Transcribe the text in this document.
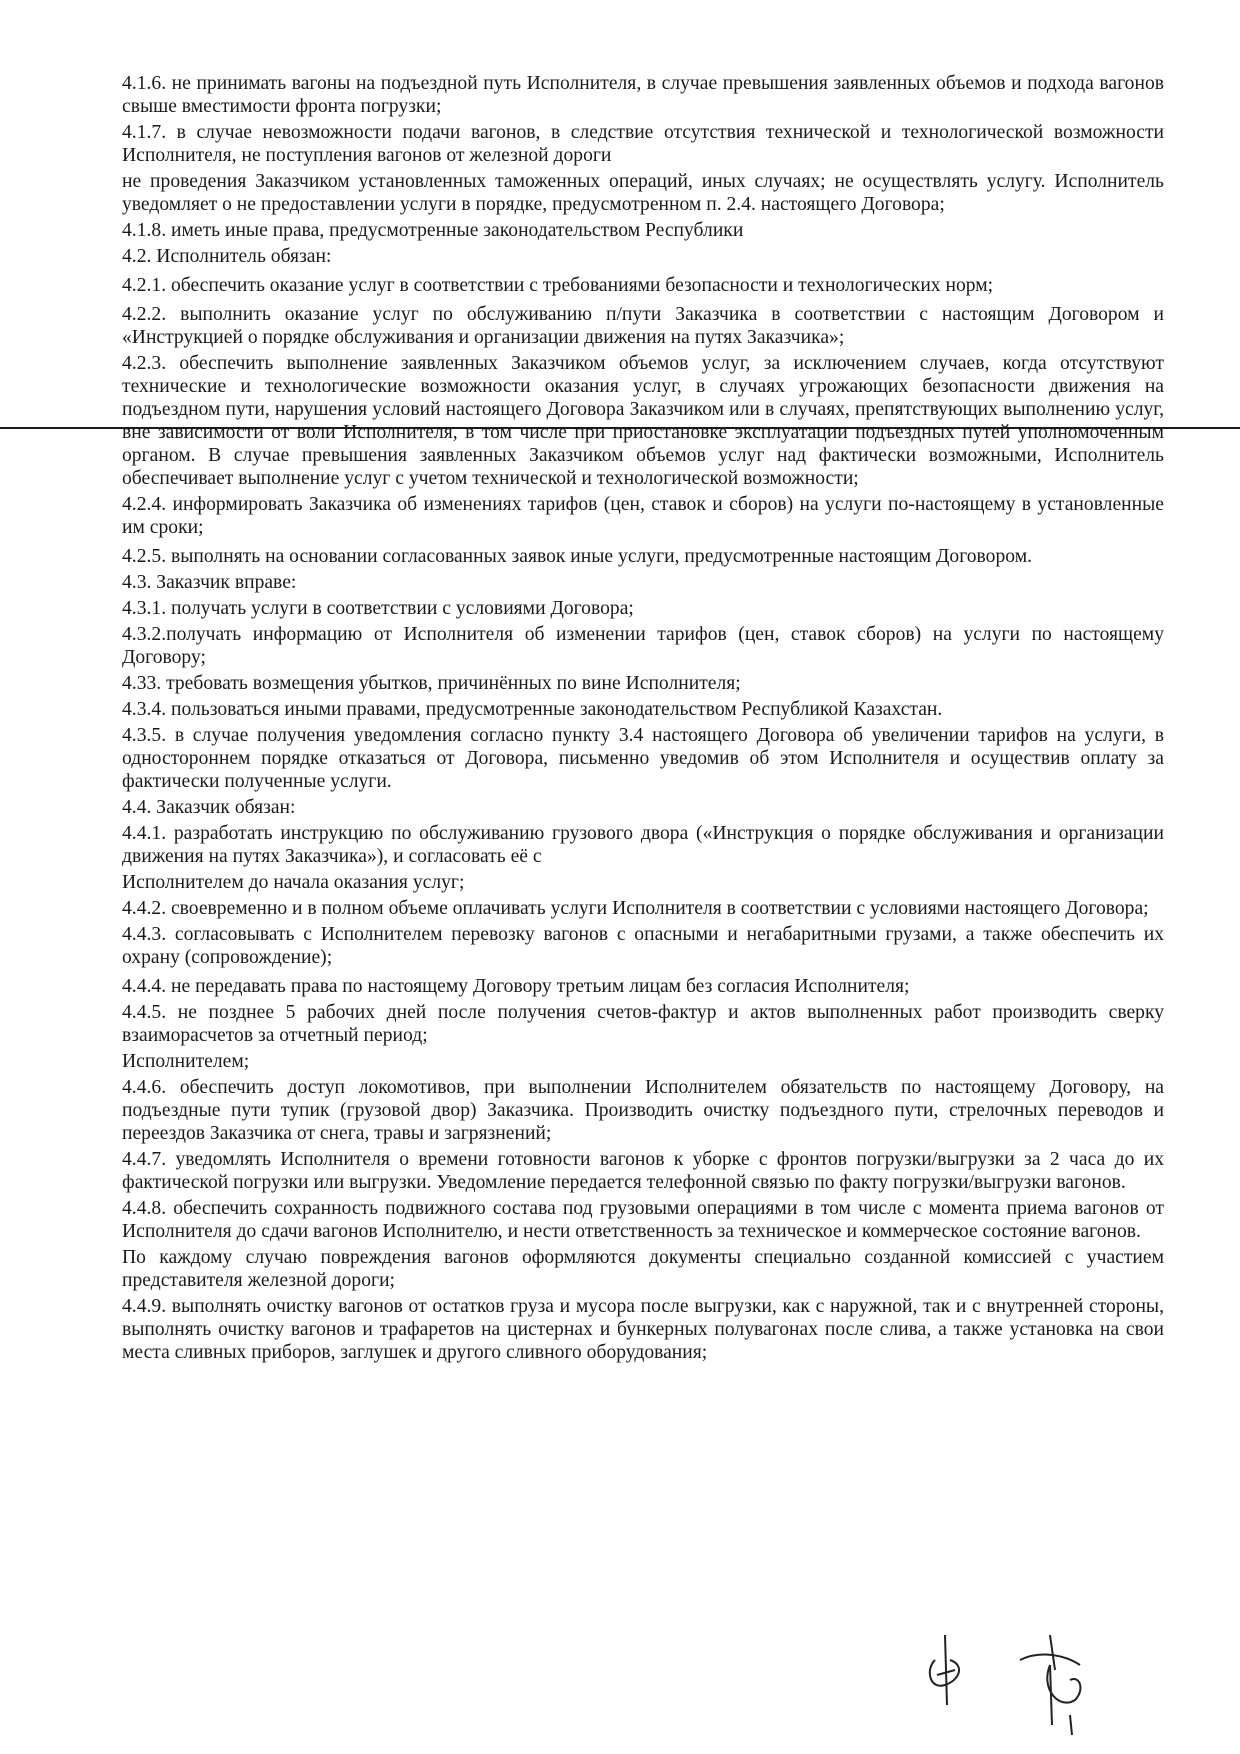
4.1.6. не принимать вагоны на подъездной путь Исполнителя, в случае превышения заявленных объемов и подхода вагонов свыше вместимости фронта погрузки;

4.1.7. в случае невозможности подачи вагонов, в следствие отсутствия технической и технологической возможности Исполнителя, не поступления вагонов от железной дороги

не проведения Заказчиком установленных таможенных операций, иных случаях; не осуществлять услугу. Исполнитель уведомляет о не предоставлении услуги в порядке, предусмотренном п. 2.4. настоящего Договора;

4.1.8. иметь иные права, предусмотренные законодательством Республики

4.2. Исполнитель обязан:

4.2.1. обеспечить оказание услуг в соответствии с требованиями безопасности и технологических норм;

4.2.2. выполнить оказание услуг по обслуживанию п/пути Заказчика в соответствии с настоящим Договором и «Инструкцией о порядке обслуживания и организации движения на путях Заказчика»;

4.2.3. обеспечить выполнение заявленных Заказчиком объемов услуг, за исключением случаев, когда отсутствуют технические и технологические возможности оказания услуг, в случаях угрожающих безопасности движения на подъездном пути, нарушения условий настоящего Договора Заказчиком или в случаях, препятствующих выполнению услуг, вне зависимости от воли Исполнителя, в том числе при приостановке эксплуатации подъездных путей уполномоченным органом. В случае превышения заявленных Заказчиком объемов услуг над фактически возможными, Исполнитель обеспечивает выполнение услуг с учетом технической и технологической возможности;

4.2.4. информировать Заказчика об изменениях тарифов (цен, ставок и сборов) на услуги по-настоящему в установленные им сроки;

4.2.5. выполнять на основании согласованных заявок иные услуги, предусмотренные настоящим Договором.

4.3. Заказчик вправе:

4.3.1. получать услуги в соответствии с условиями Договора;

4.3.2.получать информацию от Исполнителя об изменении тарифов (цен, ставок сборов) на услуги по настоящему Договору;

4.33. требовать возмещения убытков, причинённых по вине Исполнителя;

4.3.4. пользоваться иными правами, предусмотренные законодательством Республикой Казахстан.

4.3.5. в случае получения уведомления согласно пункту 3.4 настоящего Договора об увеличении тарифов на услуги, в одностороннем порядке отказаться от Договора, письменно уведомив об этом Исполнителя и осуществив оплату за фактически полученные услуги.

4.4. Заказчик обязан:

4.4.1. разработать инструкцию по обслуживанию грузового двора («Инструкция о порядке обслуживания и организации движения на путях Заказчика»), и согласовать её с

Исполнителем до начала оказания услуг;

4.4.2. своевременно и в полном объеме оплачивать услуги Исполнителя в соответствии с условиями настоящего Договора;

4.4.3. согласовывать с Исполнителем перевозку вагонов с опасными и негабаритными грузами, а также обеспечить их охрану (сопровождение);

4.4.4. не передавать права по настоящему Договору третьим лицам без согласия Исполнителя;

4.4.5. не позднее 5 рабочих дней после получения счетов-фактур и актов выполненных работ производить сверку взаиморасчетов за отчетный период;

Исполнителем;

4.4.6. обеспечить доступ локомотивов, при выполнении Исполнителем обязательств по настоящему Договору, на подъездные пути тупик (грузовой двор) Заказчика. Производить очистку подъездного пути, стрелочных переводов и переездов Заказчика от снега, травы и загрязнений;

4.4.7. уведомлять Исполнителя о времени готовности вагонов к уборке с фронтов погрузки/выгрузки за 2 часа до их фактической погрузки или выгрузки. Уведомление передается телефонной связью по факту погрузки/выгрузки вагонов.

4.4.8. обеспечить сохранность подвижного состава под грузовыми операциями в том числе с момента приема вагонов от Исполнителя до сдачи вагонов Исполнителю, и нести ответственность за техническое и коммерческое состояние вагонов.

По каждому случаю повреждения вагонов оформляются документы специально созданной комиссией с участием представителя железной дороги;

4.4.9. выполнять очистку вагонов от остатков груза и мусора после выгрузки, как с наружной, так и с внутренней стороны, выполнять очистку вагонов и трафаретов на цистернах и бункерных полувагонах после слива, а также установка на свои места сливных приборов, заглушек и другого сливного оборудования;
